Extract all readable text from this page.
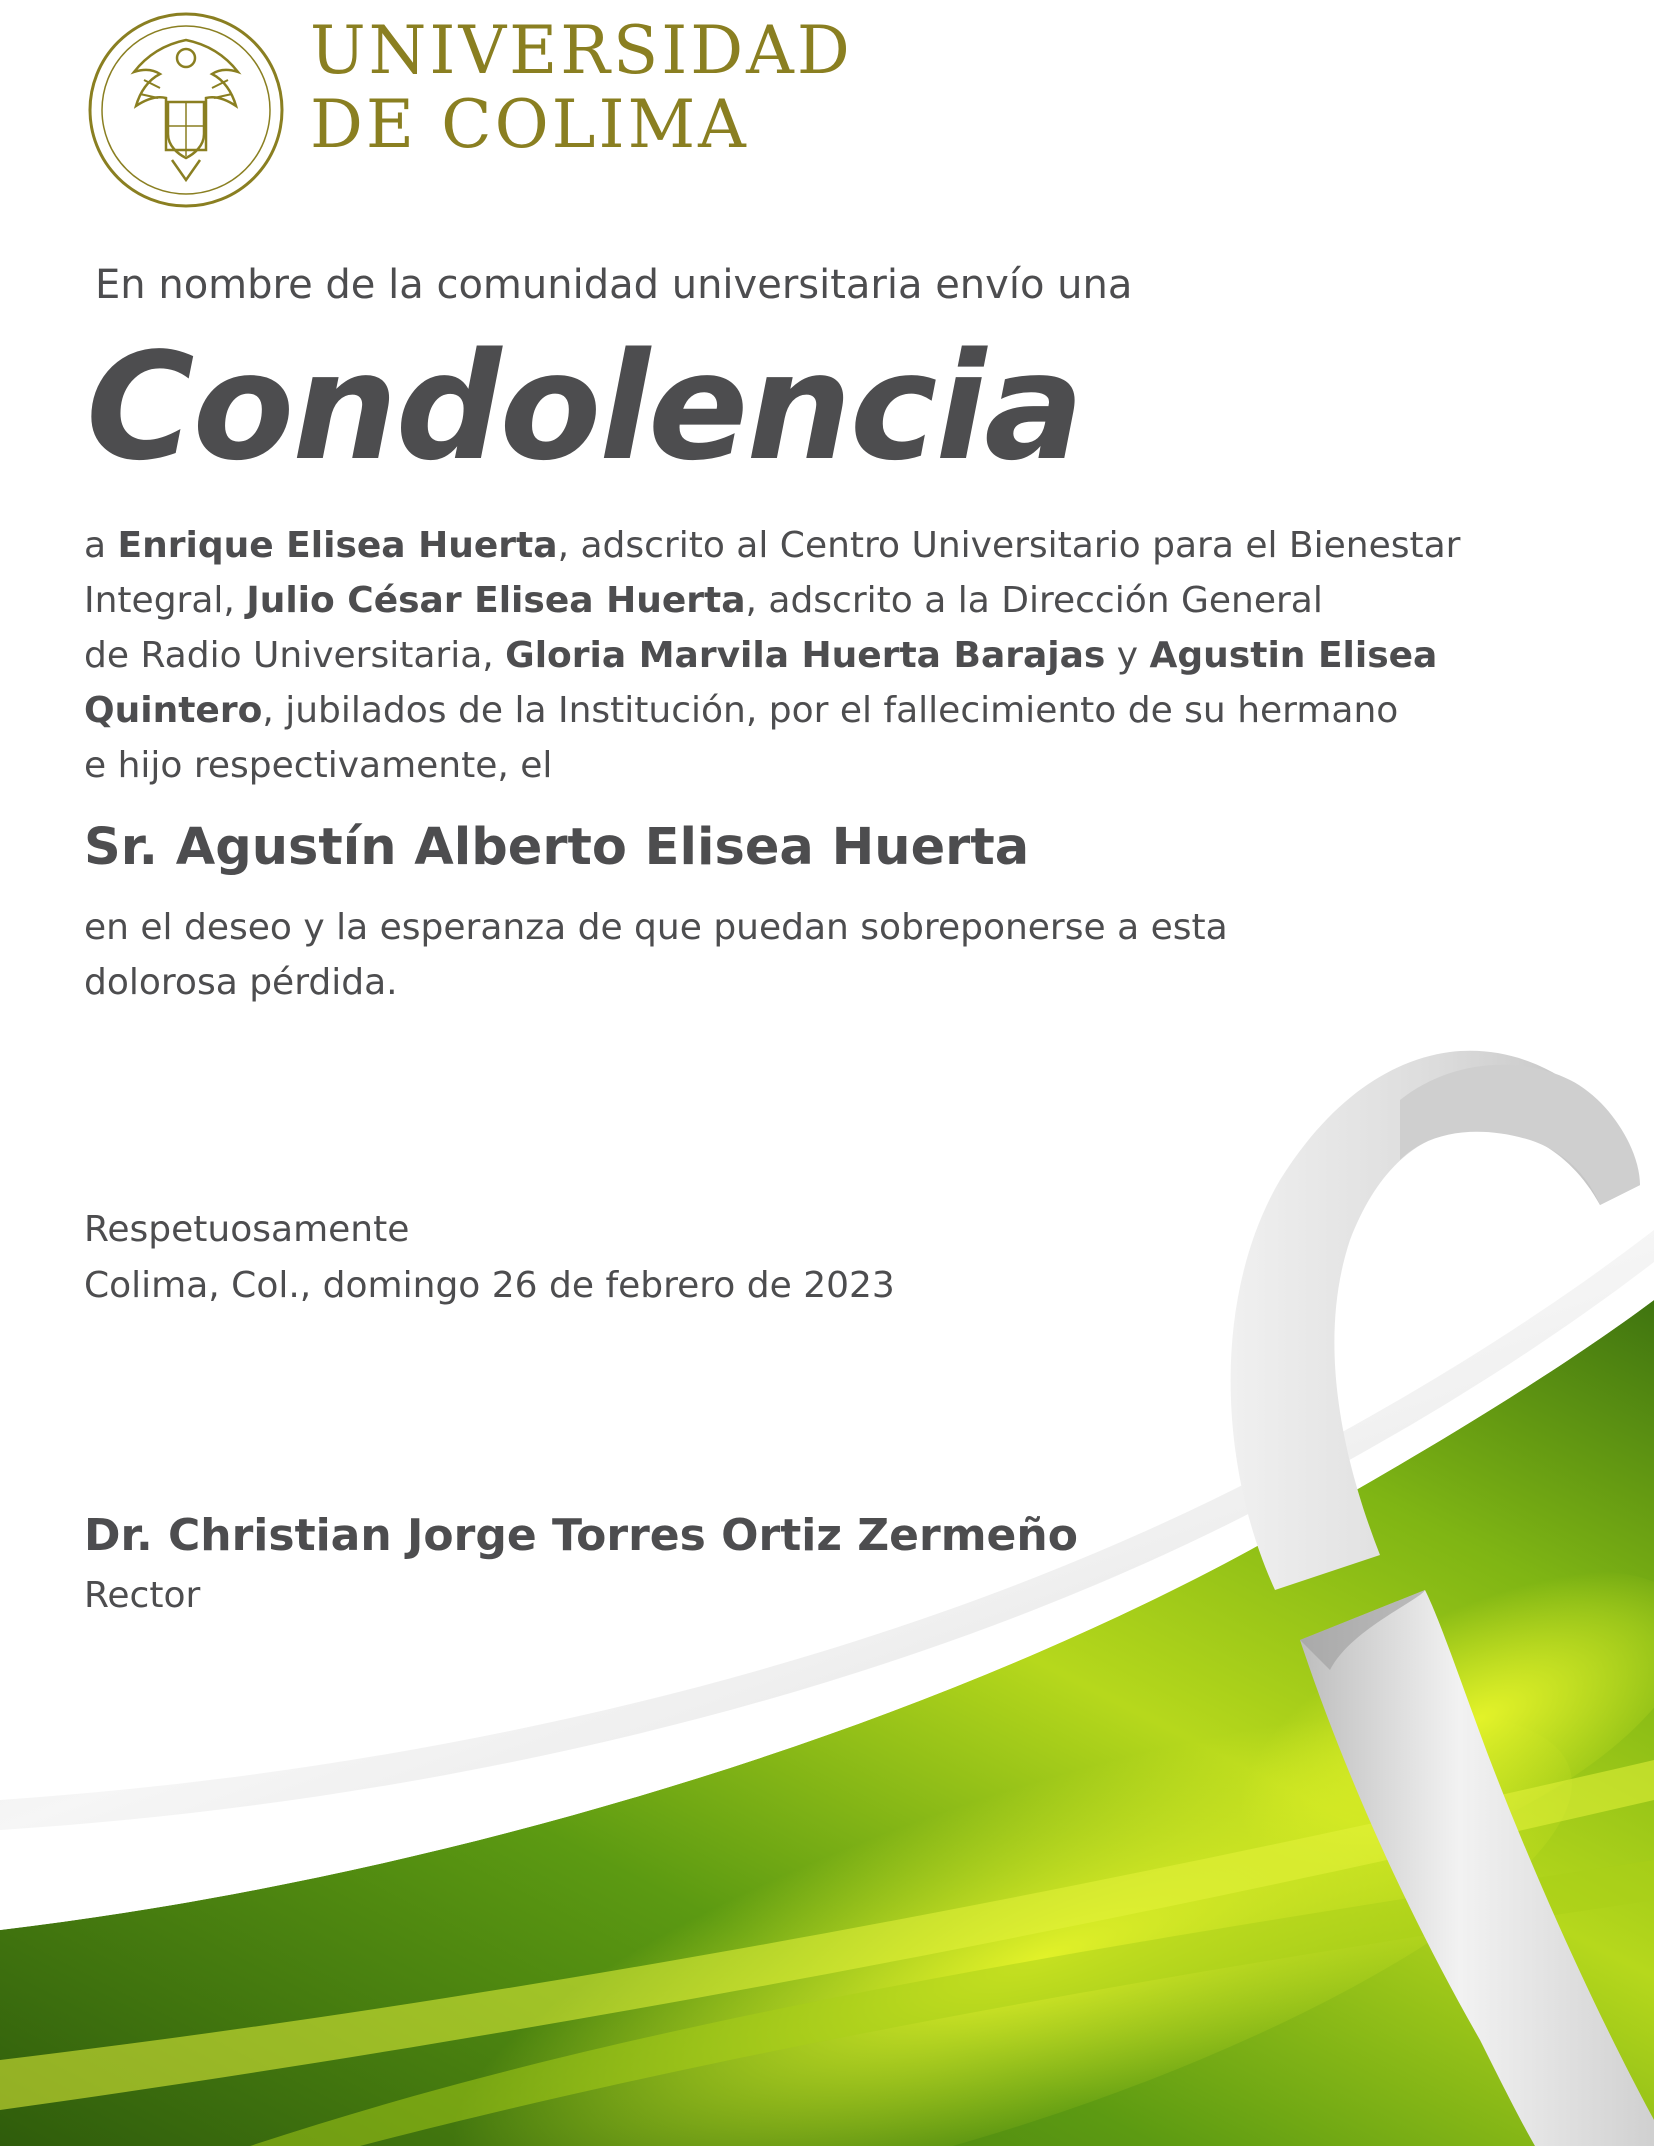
UNIVERSIDAD
DE COLIMA
En nombre de la comunidad universitaria envío una
Condolencia
a Enrique Elisea Huerta, adscrito al Centro Universitario para el Bienestar
Integral, Julio César Elisea Huerta, adscrito a la Dirección General
de Radio Universitaria, Gloria Marvila Huerta Barajas y Agustin Elisea
Quintero, jubilados de la Institución, por el fallecimiento de su hermano
e hijo respectivamente, el
Sr. Agustín Alberto Elisea Huerta
en el deseo y la esperanza de que puedan sobreponerse a esta
dolorosa pérdida.
Respetuosamente
Colima, Col., domingo 26 de febrero de 2023
Dr. Christian Jorge Torres Ortiz Zermeño
Rector
